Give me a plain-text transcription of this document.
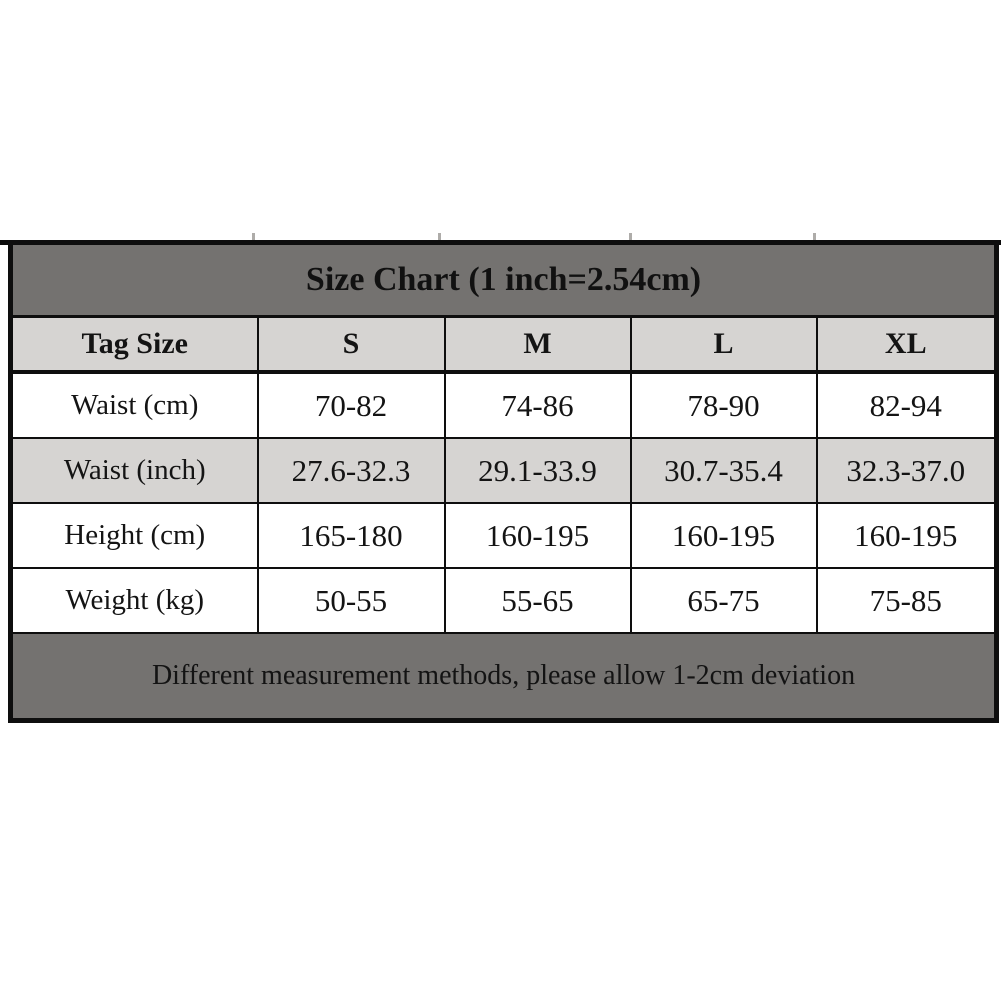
Size Chart (1 inch=2.54cm)				
Tag Size	S	M	L	XL
Waist (cm)	70-82	74-86	78-90	82-94
Waist (inch)	27.6-32.3	29.1-33.9	30.7-35.4	32.3-37.0
Height (cm)	165-180	160-195	160-195	160-195
Weight (kg)	50-55	55-65	65-75	75-85
Different measurement methods, please allow 1-2cm deviation				
